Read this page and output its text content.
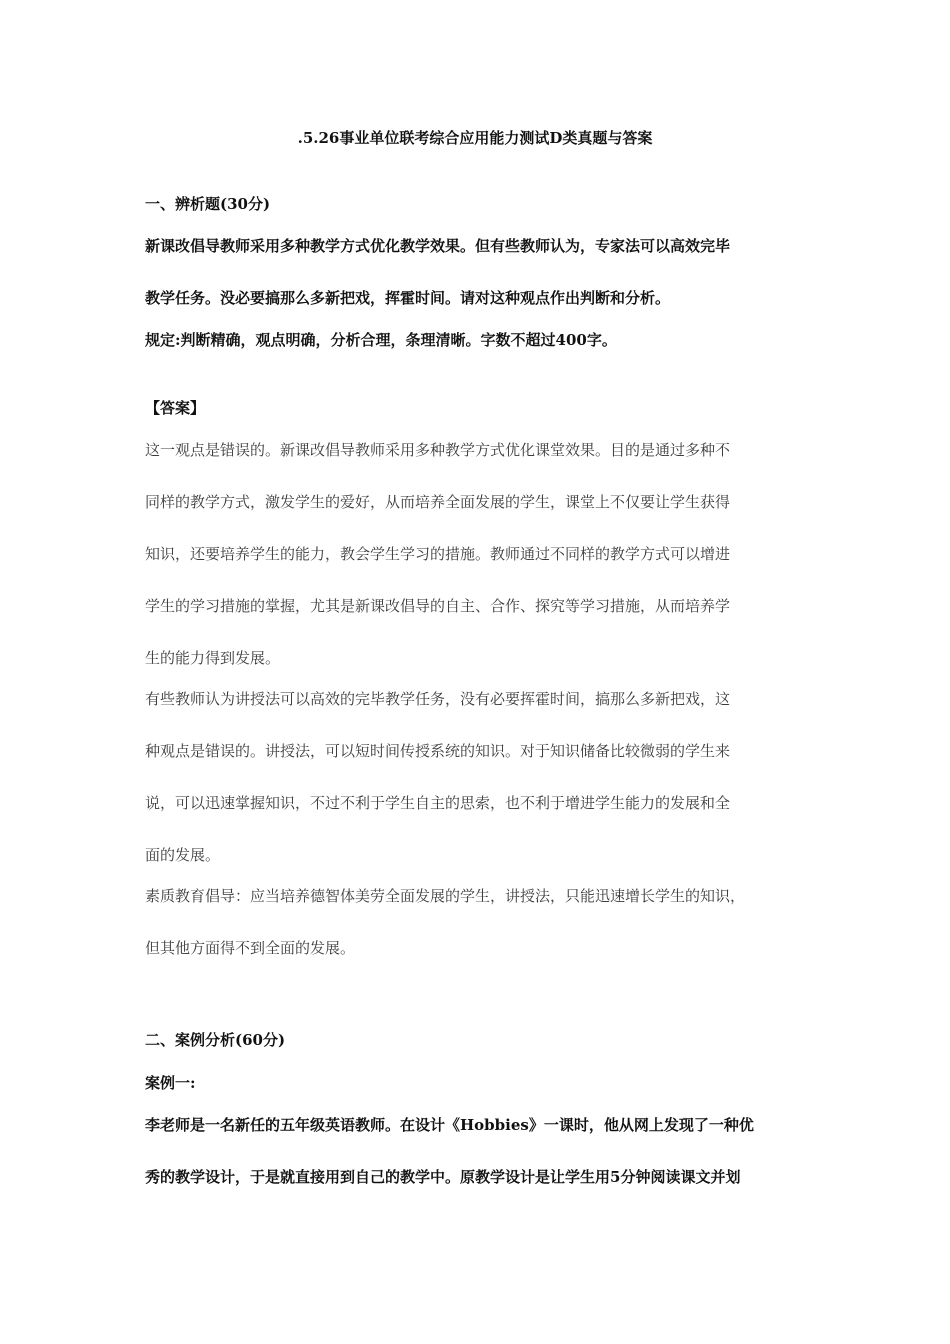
.5.26事业单位联考综合应用能力测试D类真题与答案
一、辨析题(30分)
新课改倡导教师采用多种教学方式优化教学效果。但有些教师认为，专家法可以高效完毕
教学任务。没必要搞那么多新把戏，挥霍时间。请对这种观点作出判断和分析。
规定:判断精确，观点明确，分析合理，条理清晰。字数不超过400字。
【答案】
这一观点是错误的。新课改倡导教师采用多种教学方式优化课堂效果。目的是通过多种不
同样的教学方式，激发学生的爱好，从而培养全面发展的学生，课堂上不仅要让学生获得
知识，还要培养学生的能力，教会学生学习的措施。教师通过不同样的教学方式可以增进
学生的学习措施的掌握，尤其是新课改倡导的自主、合作、探究等学习措施，从而培养学
生的能力得到发展。
有些教师认为讲授法可以高效的完毕教学任务，没有必要挥霍时间，搞那么多新把戏，这
种观点是错误的。讲授法，可以短时间传授系统的知识。对于知识储备比较微弱的学生来
说，可以迅速掌握知识，不过不利于学生自主的思索，也不利于增进学生能力的发展和全
面的发展。
素质教育倡导：应当培养德智体美劳全面发展的学生，讲授法，只能迅速增长学生的知识，
但其他方面得不到全面的发展。
二、案例分析(60分)
案例一:
李老师是一名新任的五年级英语教师。在设计《Hobbies》一课时，他从网上发现了一种优
秀的教学设计，于是就直接用到自己的教学中。原教学设计是让学生用5分钟阅读课文并划
